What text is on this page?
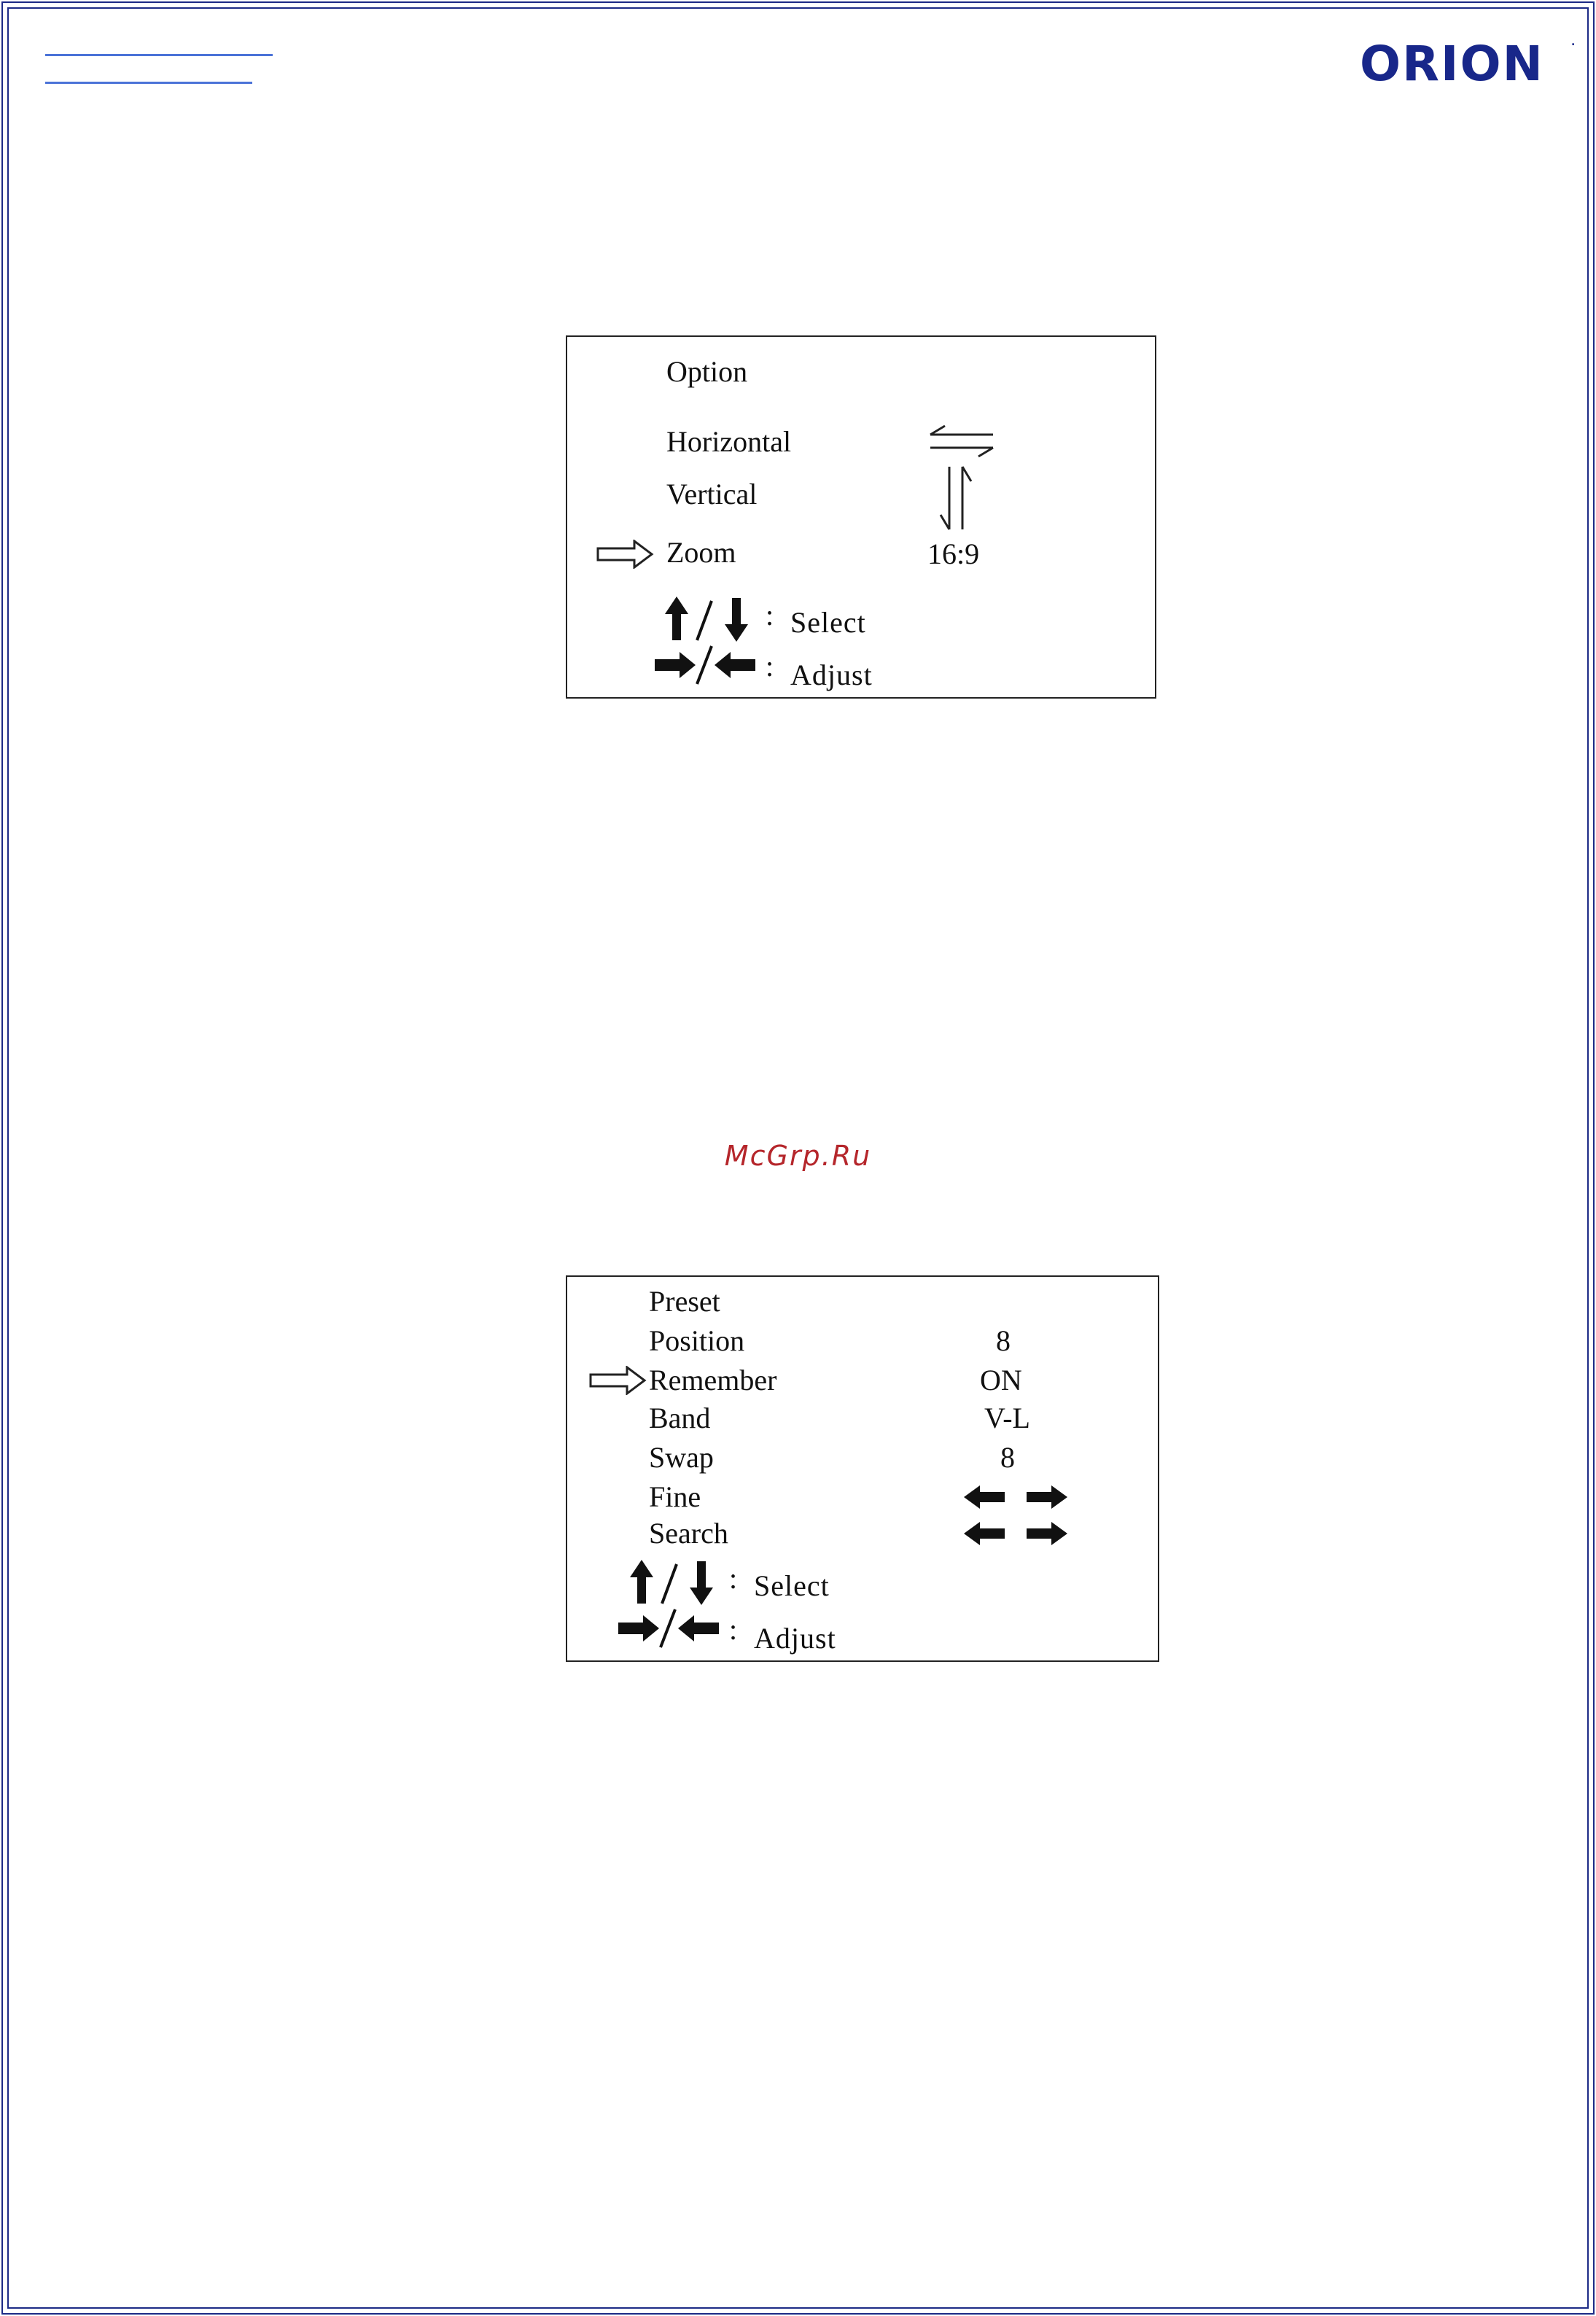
ORION	.
Option
Horizontal
Vertical
Zoom	16:9
: Select
: Adjust
McGrp.Ru
Preset
Position	8
Remember	ON
Band	V-L
Swap	8
Fine
Search
: Select
: Adjust
